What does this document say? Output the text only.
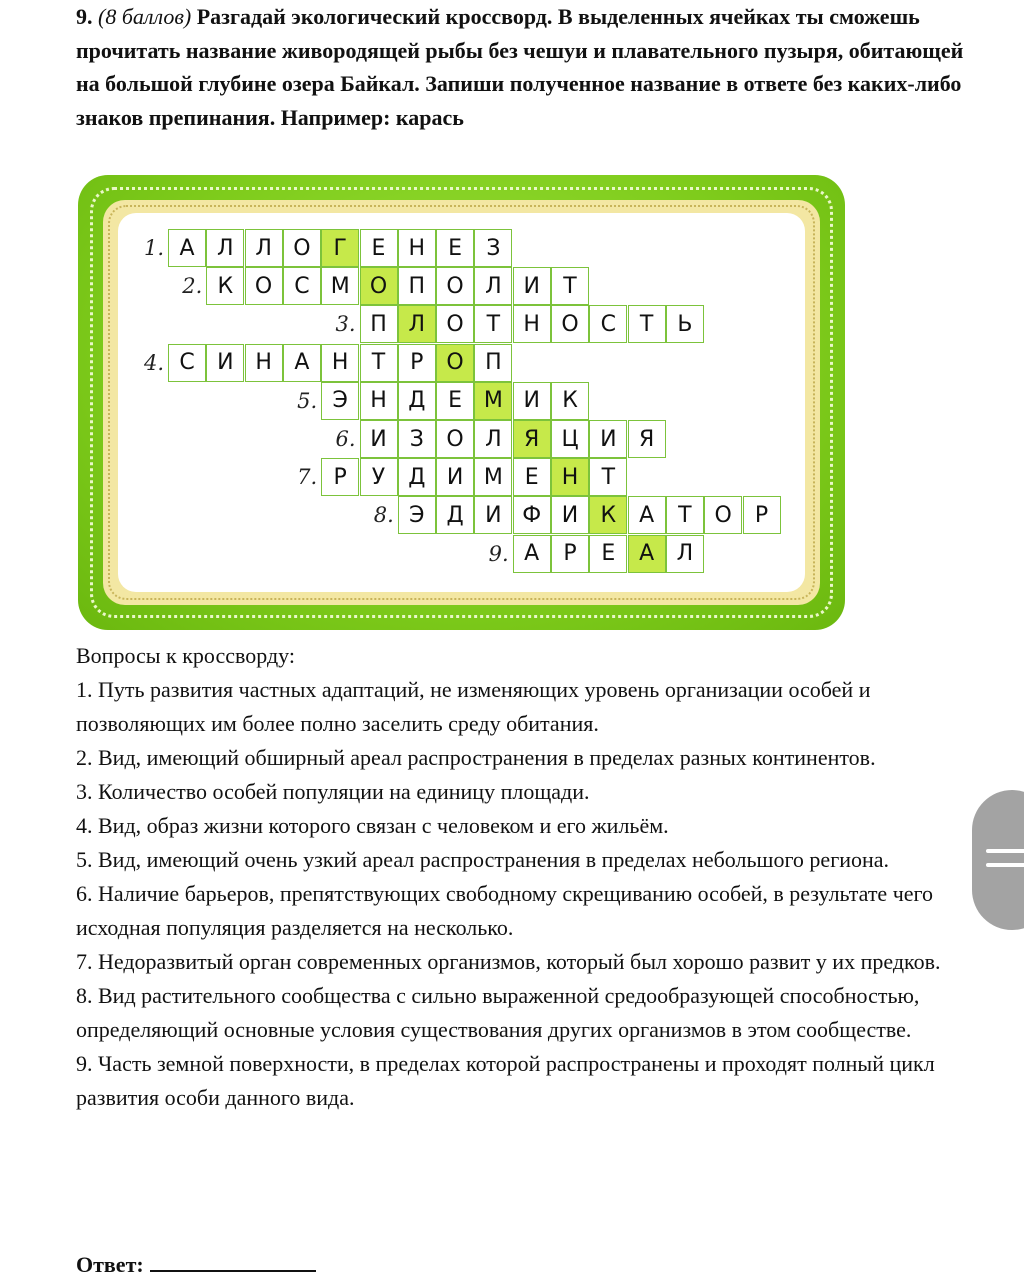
9. (8 баллов) Разгадай экологический кроссворд. В выделенных ячейках ты сможешь прочитать название живородящей рыбы без чешуи и плавательного пузыря, обитающей на большой глубине озера Байкал. Запиши полученное название в ответе без каких-либо знаков препинания. Например: карась
1. А	Л Л О	Г	Е	Н	Е	З
2. К О С М О П О Л И	Т
3. П Л О	Т	Н О С	Т	Ь
4. С	И Н	А	Н	Т	Р	О П
5. Э	Н Д	Е М И	К
6. И	З	О Л	Я	Ц И	Я
7. Р	У	Д И М Е	Н	Т
8. Э	Д И Ф И	К	А	Т	О	Р
9. А	Р	Е	А	Л

Вопросы к кроссворду:

1. Путь развития частных адаптаций, не изменяющих уровень организации особей и позволяющих им более полно заселить среду обитания.

2. Вид, имеющий обширный ареал распространения в пределах разных континентов.

3. Количество особей популяции на единицу площади.

4. Вид, образ жизни которого связан с человеком и его жильём.

5. Вид, имеющий очень узкий ареал распространения в пределах небольшого региона.

6. Наличие барьеров, препятствующих свободному скрещиванию особей, в результате чего исходная популяция разделяется на несколько.

7. Недоразвитый орган современных организмов, который был хорошо развит у их предков.

8. Вид растительного сообщества с сильно выраженной средообразующей способностью, определяющий основные условия существования других организмов в этом сообществе.

9. Часть земной поверхности, в пределах которой распространены и проходят полный цикл развития особи данного вида.

Ответ:
